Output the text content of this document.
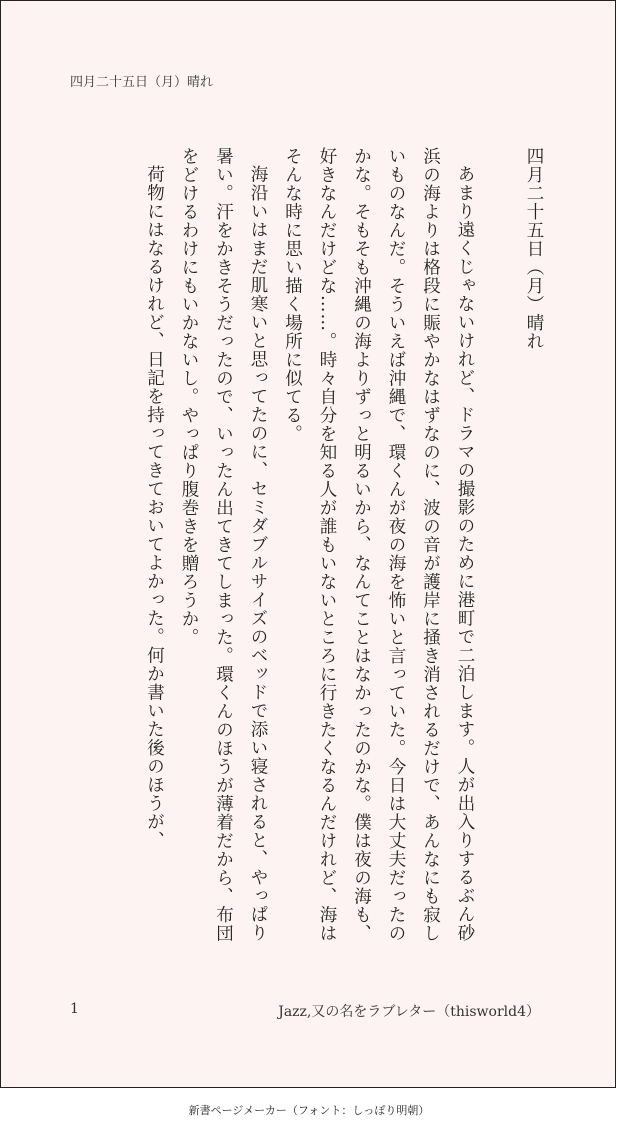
四月二十五日（月）晴れ
四月二十五日（月）晴れ

あまり遠くじゃないけれど、ドラマの撮影のために港町で二泊します。人が出入りするぶん砂浜の海よりは格段に賑やかなはずなのに、波の音が護岸に掻き消されるだけで、あんなにも寂しいものなんだ。そういえば沖縄で、環くんが夜の海を怖いと言っていた。今日は大丈夫だったのかな。そもそも沖縄の海よりずっと明るいから、なんてことはなかったのかな。僕は夜の海も、好きなんだけどな……。時々自分を知る人が誰もいないところに行きたくなるんだけれど、海はそんな時に思い描く場所に似てる。

海沿いはまだ肌寒いと思ってたのに、セミダブルサイズのベッドで添い寝されると、やっぱり暑い。汗をかきそうだったので、いったん出てきてしまった。環くんのほうが薄着だから、布団をどけるわけにもいかないし。やっぱり腹巻きを贈ろうか。

荷物にはなるけれど、日記を持ってきておいてよかった。何か書いた後のほうが、

1	Jazz,又の名をラブレター（thisworld4）
新書ページメーカー（フォント：しっぽり明朝）
